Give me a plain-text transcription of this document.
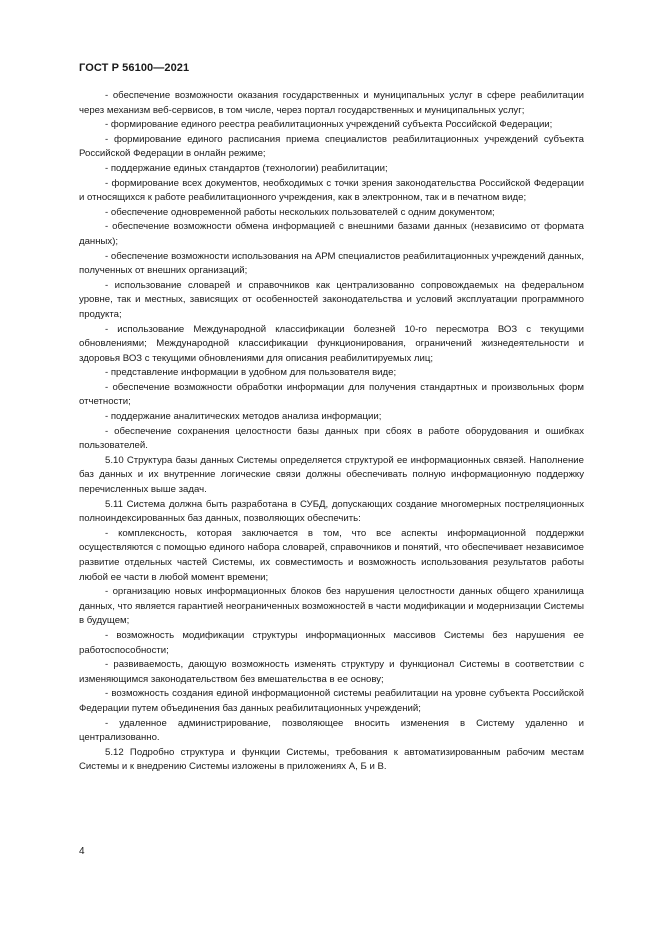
ГОСТ Р 56100—2021

- обеспечение возможности оказания государственных и муниципальных услуг в сфере реабилитации через механизм веб-сервисов, в том числе, через портал государственных и муниципальных услуг;

- формирование единого реестра реабилитационных учреждений субъекта Российской Федерации;

- формирование единого расписания приема специалистов реабилитационных учреждений субъекта Российской Федерации в онлайн режиме;

- поддержание единых стандартов (технологии) реабилитации;

- формирование всех документов, необходимых с точки зрения законодательства Российской Федерации и относящихся к работе реабилитационного учреждения, как в электронном, так и в печатном виде;

- обеспечение одновременной работы нескольких пользователей с одним документом;

- обеспечение возможности обмена информацией с внешними базами данных (независимо от формата данных);

- обеспечение возможности использования на АРМ специалистов реабилитационных учреждений данных, полученных от внешних организаций;

- использование словарей и справочников как централизованно сопровождаемых на федеральном уровне, так и местных, зависящих от особенностей законодательства и условий эксплуатации программного продукта;

- использование Международной классификации болезней 10-го пересмотра ВОЗ с текущими обновлениями; Международной классификации функционирования, ограничений жизнедеятельности и здоровья ВОЗ с текущими обновлениями для описания реабилитируемых лиц;

- представление информации в удобном для пользователя виде;

- обеспечение возможности обработки информации для получения стандартных и произвольных форм отчетности;

- поддержание аналитических методов анализа информации;

- обеспечение сохранения целостности базы данных при сбоях в работе оборудования и ошибках пользователей.

5.10 Структура базы данных Системы определяется структурой ее информационных связей. Наполнение баз данных и их внутренние логические связи должны обеспечивать полную информационную поддержку перечисленных выше задач.

5.11 Система должна быть разработана в СУБД, допускающих создание многомерных постреляционных полноиндексированных баз данных, позволяющих обеспечить:

- комплексность, которая заключается в том, что все аспекты информационной поддержки осуществляются с помощью единого набора словарей, справочников и понятий, что обеспечивает независимое развитие отдельных частей Системы, их совместимость и возможность использования результатов работы любой ее части в любой момент времени;

- организацию новых информационных блоков без нарушения целостности данных общего хранилища данных, что является гарантией неограниченных возможностей в части модификации и модернизации Системы в будущем;

- возможность модификации структуры информационных массивов Системы без нарушения ее работоспособности;

- развиваемость, дающую возможность изменять структуру и функционал Системы в соответствии с изменяющимся законодательством без вмешательства в ее основу;

- возможность создания единой информационной системы реабилитации на уровне субъекта Российской Федерации путем объединения баз данных реабилитационных учреждений;

- удаленное администрирование, позволяющее вносить изменения в Систему удаленно и централизованно.

5.12 Подробно структура и функции Системы, требования к автоматизированным рабочим местам Системы и к внедрению Системы изложены в приложениях А, Б и В.

4
